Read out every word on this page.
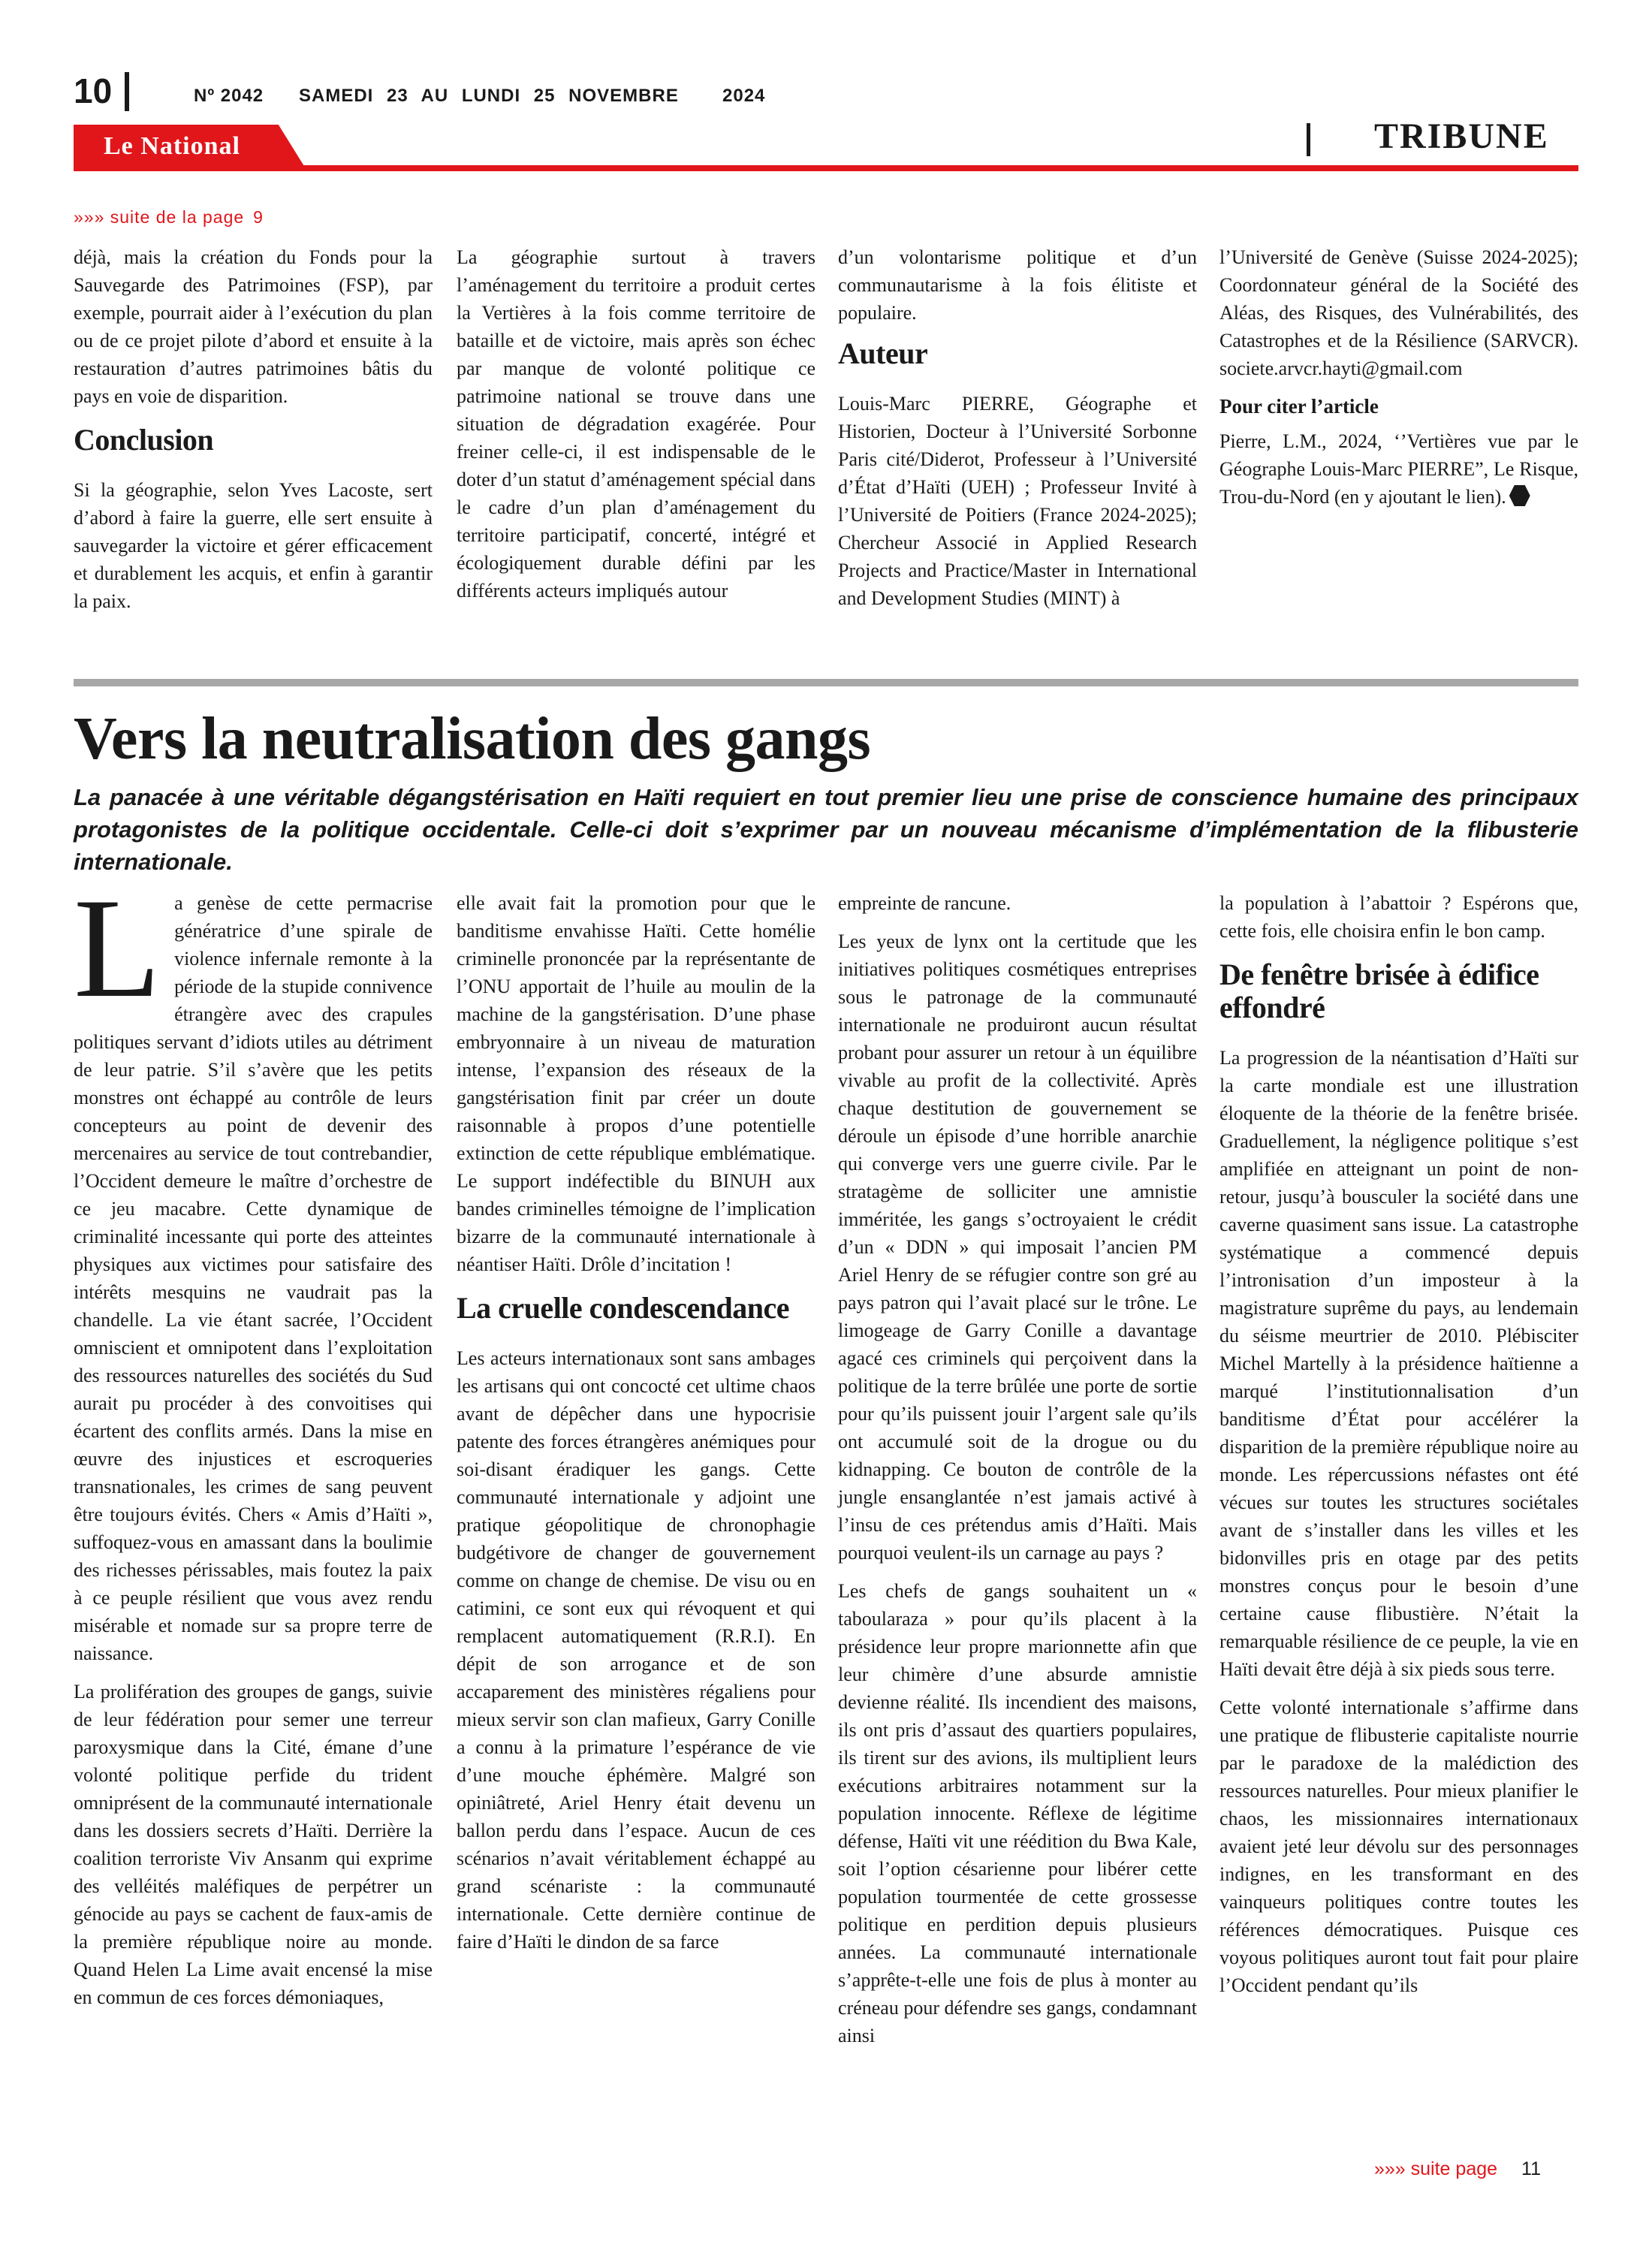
10	Nº 2042 SAMEDI 23 AU LUNDI 25 NOVEMBRE 2024
Le National	TRIBUNE
»»» suite de la page 9

déjà, mais la création du Fonds pour la Sauvegarde des Patrimoines (FSP), par exemple, pourrait aider à l’exécution du plan ou de ce projet pilote d’abord et ensuite à la restauration d’autres patrimoines bâtis du pays en voie de disparition.

Conclusion

Si la géographie, selon Yves Lacoste, sert d’abord à faire la guerre, elle sert ensuite à sauvegarder la victoire et gérer efficacement et durablement les acquis, et enfin à garantir la paix.

La géographie surtout à travers l’aménagement du territoire a produit certes la Vertières à la fois comme territoire de bataille et de victoire, mais après son échec par manque de volonté politique ce patrimoine national se trouve dans une situation de dégradation exagérée. Pour freiner celle-ci, il est indispensable de le doter d’un statut d’aménagement spécial dans le cadre d’un plan d’aménagement du territoire participatif, concerté, intégré et écologiquement durable défini par les différents acteurs impliqués autour

d’un volontarisme politique et d’un communautarisme à la fois élitiste et populaire.

Auteur

Louis-Marc PIERRE, Géographe et Historien, Docteur à l’Université Sorbonne Paris cité/Diderot, Professeur à l’Université d’État d’Haïti (UEH) ; Professeur Invité à l’Université de Poitiers (France 2024-2025); Chercheur Associé in Applied Research Projects and Practice/Master in International and Development Studies (MINT) à

l’Université de Genève (Suisse 2024-2025); Coordonnateur général de la Société des Aléas, des Risques, des Vulnérabilités, des Catastrophes et de la Résilience (SARVCR). societe.arvcr.hayti@gmail.com

Pour citer l’article

Pierre, L.M., 2024, ‘’Vertières vue par le Géographe Louis-Marc PIERRE”, Le Risque, Trou-du-Nord (en y ajoutant le lien).

Vers la neutralisation des gangs
La panacée à une véritable dégangstérisation en Haïti requiert en tout premier lieu une prise de conscience humaine des principaux protagonistes de la politique occidentale. Celle-ci doit s’exprimer par un nouveau mécanisme d’implémentation de la flibusterie internationale.

La genèse de cette permacrise génératrice d’une spirale de violence infernale remonte à la période de la stupide connivence étrangère avec des crapules politiques servant d’idiots utiles au détriment de leur patrie. S’il s’avère que les petits monstres ont échappé au contrôle de leurs concepteurs au point de devenir des mercenaires au service de tout contrebandier, l’Occident demeure le maître d’orchestre de ce jeu macabre. Cette dynamique de criminalité incessante qui porte des atteintes physiques aux victimes pour satisfaire des intérêts mesquins ne vaudrait pas la chandelle. La vie étant sacrée, l’Occident omniscient et omnipotent dans l’exploitation des ressources naturelles des sociétés du Sud aurait pu procéder à des convoitises qui écartent des conflits armés. Dans la mise en œuvre des injustices et escroqueries transnationales, les crimes de sang peuvent être toujours évités. Chers « Amis d’Haïti », suffoquez-vous en amassant dans la boulimie des richesses périssables, mais foutez la paix à ce peuple résilient que vous avez rendu misérable et nomade sur sa propre terre de naissance.

La prolifération des groupes de gangs, suivie de leur fédération pour semer une terreur paroxysmique dans la Cité, émane d’une volonté politique perfide du trident omniprésent de la communauté internationale dans les dossiers secrets d’Haïti. Derrière la coalition terroriste Viv Ansanm qui exprime des velléités maléfiques de perpétrer un génocide au pays se cachent de faux-amis de la première république noire au monde. Quand Helen La Lime avait encensé la mise en commun de ces forces démoniaques,

elle avait fait la promotion pour que le banditisme envahisse Haïti. Cette homélie criminelle prononcée par la représentante de l’ONU apportait de l’huile au moulin de la machine de la gangstérisation. D’une phase embryonnaire à un niveau de maturation intense, l’expansion des réseaux de la gangstérisation finit par créer un doute raisonnable à propos d’une potentielle extinction de cette république emblématique. Le support indéfectible du BINUH aux bandes criminelles témoigne de l’implication bizarre de la communauté internationale à néantiser Haïti. Drôle d’incitation !

La cruelle condescendance

Les acteurs internationaux sont sans ambages les artisans qui ont concocté cet ultime chaos avant de dépêcher dans une hypocrisie patente des forces étrangères anémiques pour soi-disant éradiquer les gangs. Cette communauté internationale y adjoint une pratique géopolitique de chronophagie budgétivore de changer de gouvernement comme on change de chemise. De visu ou en catimini, ce sont eux qui révoquent et qui remplacent automatiquement (R.R.I). En dépit de son arrogance et de son accaparement des ministères régaliens pour mieux servir son clan mafieux, Garry Conille a connu à la primature l’espérance de vie d’une mouche éphémère. Malgré son opiniâtreté, Ariel Henry était devenu un ballon perdu dans l’espace. Aucun de ces scénarios n’avait véritablement échappé au grand scénariste : la communauté internationale. Cette dernière continue de faire d’Haïti le dindon de sa farce

empreinte de rancune.

Les yeux de lynx ont la certitude que les initiatives politiques cosmétiques entreprises sous le patronage de la communauté internationale ne produiront aucun résultat probant pour assurer un retour à un équilibre vivable au profit de la collectivité. Après chaque destitution de gouvernement se déroule un épisode d’une horrible anarchie qui converge vers une guerre civile. Par le stratagème de solliciter une amnistie imméritée, les gangs s’octroyaient le crédit d’un « DDN » qui imposait l’ancien PM Ariel Henry de se réfugier contre son gré au pays patron qui l’avait placé sur le trône. Le limogeage de Garry Conille a davantage agacé ces criminels qui perçoivent dans la politique de la terre brûlée une porte de sortie pour qu’ils puissent jouir l’argent sale qu’ils ont accumulé soit de la drogue ou du kidnapping. Ce bouton de contrôle de la jungle ensanglantée n’est jamais activé à l’insu de ces prétendus amis d’Haïti. Mais pourquoi veulent-ils un carnage au pays ?

Les chefs de gangs souhaitent un « taboularaza » pour qu’ils placent à la présidence leur propre marionnette afin que leur chimère d’une absurde amnistie devienne réalité. Ils incendient des maisons, ils ont pris d’assaut des quartiers populaires, ils tirent sur des avions, ils multiplient leurs exécutions arbitraires notamment sur la population innocente. Réflexe de légitime défense, Haïti vit une réédition du Bwa Kale, soit l’option césarienne pour libérer cette population tourmentée de cette grossesse politique en perdition depuis plusieurs années. La communauté internationale s’apprête-t-elle une fois de plus à monter au créneau pour défendre ses gangs, condamnant ainsi

la population à l’abattoir ? Espérons que, cette fois, elle choisira enfin le bon camp.

De fenêtre brisée à édifice effondré

La progression de la néantisation d’Haïti sur la carte mondiale est une illustration éloquente de la théorie de la fenêtre brisée. Graduellement, la négligence politique s’est amplifiée en atteignant un point de non-retour, jusqu’à bousculer la société dans une caverne quasiment sans issue. La catastrophe systématique a commencé depuis l’intronisation d’un imposteur à la magistrature suprême du pays, au lendemain du séisme meurtrier de 2010. Plébisciter Michel Martelly à la présidence haïtienne a marqué l’institutionnalisation d’un banditisme d’État pour accélérer la disparition de la première république noire au monde. Les répercussions néfastes ont été vécues sur toutes les structures sociétales avant de s’installer dans les villes et les bidonvilles pris en otage par des petits monstres conçus pour le besoin d’une certaine cause flibustière. N’était la remarquable résilience de ce peuple, la vie en Haïti devait être déjà à six pieds sous terre.

Cette volonté internationale s’affirme dans une pratique de flibusterie capitaliste nourrie par le paradoxe de la malédiction des ressources naturelles. Pour mieux planifier le chaos, les missionnaires internationaux avaient jeté leur dévolu sur des personnages indignes, en les transformant en des vainqueurs politiques contre toutes les références démocratiques. Puisque ces voyous politiques auront tout fait pour plaire l’Occident pendant qu’ils

»»» suite page 11
